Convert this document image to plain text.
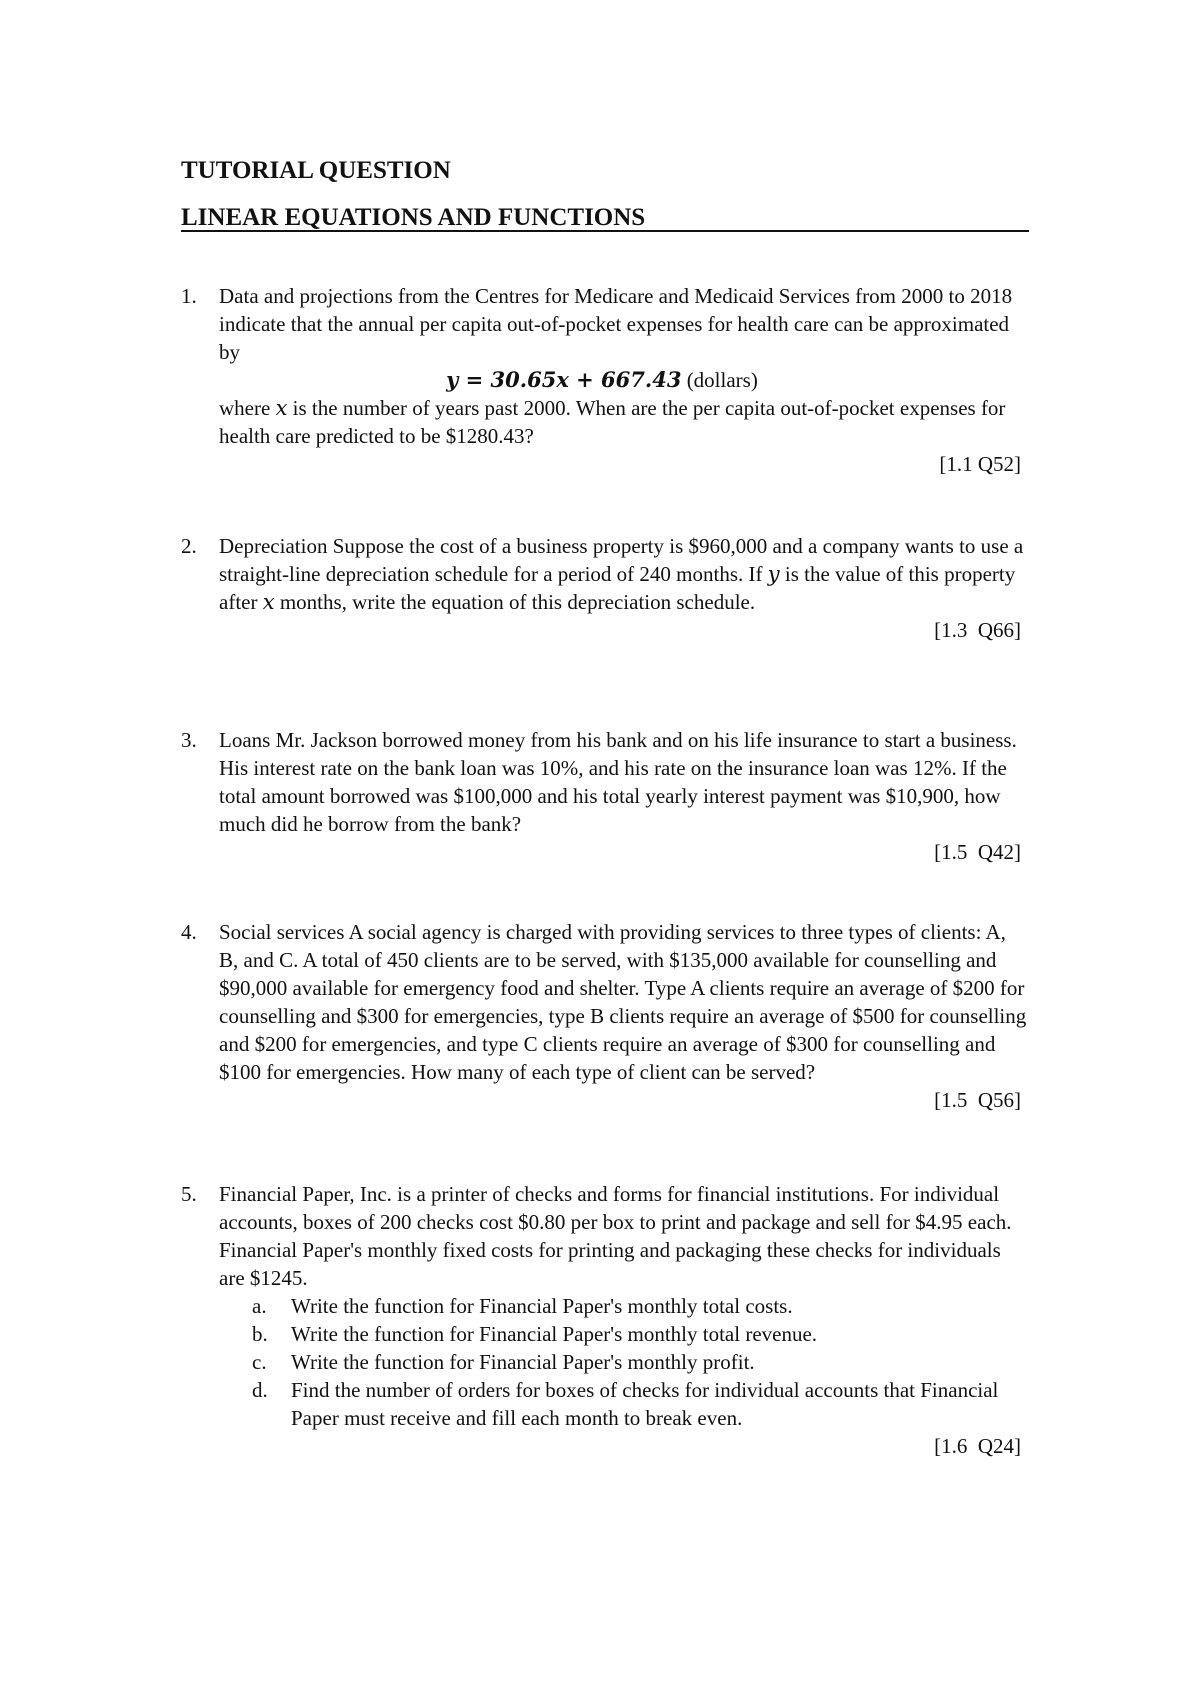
TUTORIAL QUESTION

LINEAR EQUATIONS AND FUNCTIONS

1.	Data and projections from the Centres for Medicare and Medicaid Services from 2000 to 2018 indicate that the annual per capita out-of-pocket expenses for health care can be approximated by

y = 30.65x + 667.43 (dollars)

where x is the number of years past 2000. When are the per capita out-of-pocket expenses for health care predicted to be $1280.43?

[1.1 Q52]

2.	Depreciation Suppose the cost of a business property is $960,000 and a company wants to use a straight-line depreciation schedule for a period of 240 months. If y is the value of this property after x months, write the equation of this depreciation schedule.

[1.3  Q66]

3.	Loans Mr. Jackson borrowed money from his bank and on his life insurance to start a business. His interest rate on the bank loan was 10%, and his rate on the insurance loan was 12%. If the total amount borrowed was $100,000 and his total yearly interest payment was $10,900, how much did he borrow from the bank?

[1.5  Q42]

4.	Social services A social agency is charged with providing services to three types of clients: A, B, and C. A total of 450 clients are to be served, with $135,000 available for counselling and $90,000 available for emergency food and shelter. Type A clients require an average of $200 for counselling and $300 for emergencies, type B clients require an average of $500 for counselling and $200 for emergencies, and type C clients require an average of $300 for counselling and $100 for emergencies. How many of each type of client can be served?

[1.5  Q56]

5.	Financial Paper, Inc. is a printer of checks and forms for financial institutions. For individual accounts, boxes of 200 checks cost $0.80 per box to print and package and sell for $4.95 each. Financial Paper's monthly fixed costs for printing and packaging these checks for individuals are $1245.

a. Write the function for Financial Paper's monthly total costs.
b. Write the function for Financial Paper's monthly total revenue.
c. Write the function for Financial Paper's monthly profit.
d. Find the number of orders for boxes of checks for individual accounts that Financial Paper must receive and fill each month to break even.

[1.6  Q24]
